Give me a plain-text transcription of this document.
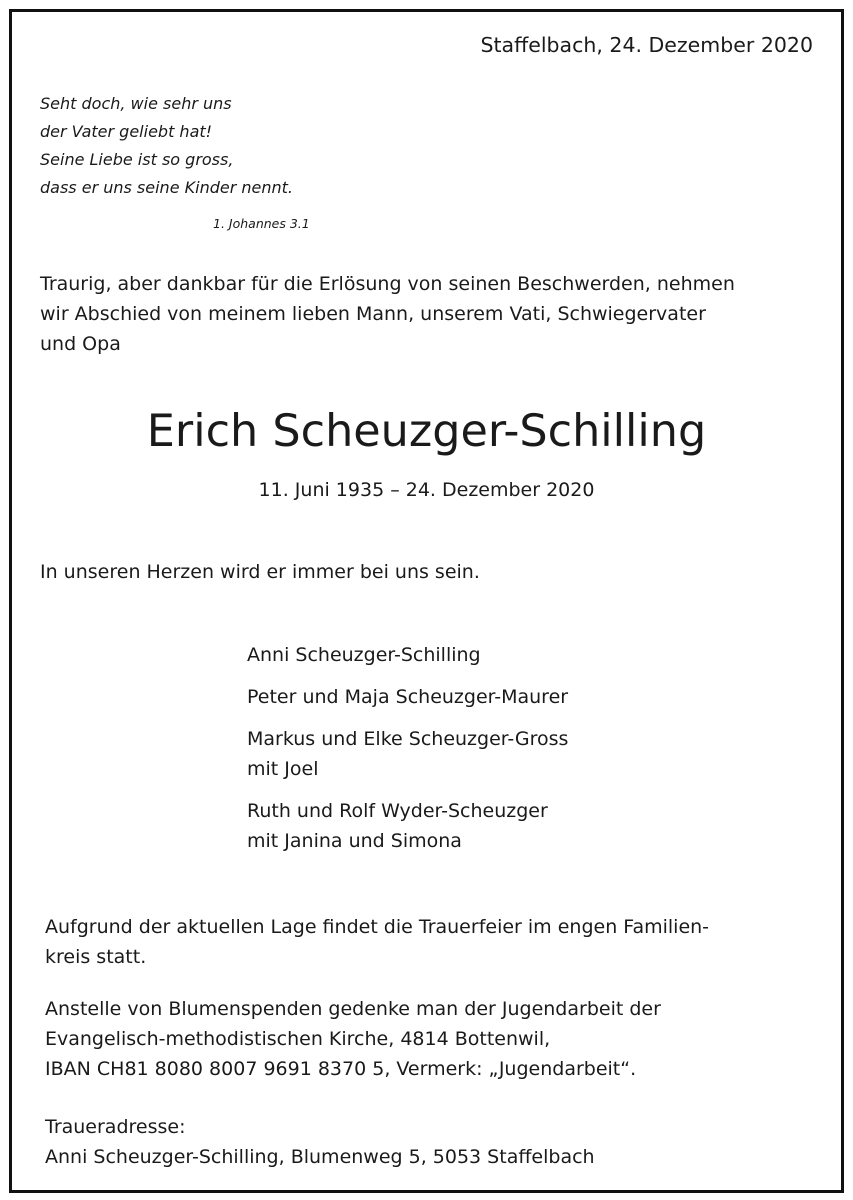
Staffelbach, 24. Dezember 2020

Seht doch, wie sehr uns
der Vater geliebt hat!
Seine Liebe ist so gross,
dass er uns seine Kinder nennt.

1. Johannes 3.1

Traurig, aber dankbar für die Erlösung von seinen Beschwerden, nehmen
wir Abschied von meinem lieben Mann, unserem Vati, Schwiegervater
und Opa
Erich Scheuzger-Schilling

11. Juni 1935 – 24. Dezember 2020

In unseren Herzen wird er immer bei uns sein.

Anni Scheuzger-Schilling
Peter und Maja Scheuzger-Maurer
Markus und Elke Scheuzger-Gross
mit Joel
Ruth und Rolf Wyder-Scheuzger
mit Janina und Simona
Aufgrund der aktuellen Lage findet die Trauerfeier im engen Familien-
kreis statt.
Anstelle von Blumenspenden gedenke man der Jugendarbeit der
Evangelisch-methodistischen Kirche, 4814 Bottenwil,
IBAN CH81 8080 8007 9691 8370 5, Vermerk: „Jugendarbeit“.
Traueradresse:
Anni Scheuzger-Schilling, Blumenweg 5, 5053 Staffelbach
